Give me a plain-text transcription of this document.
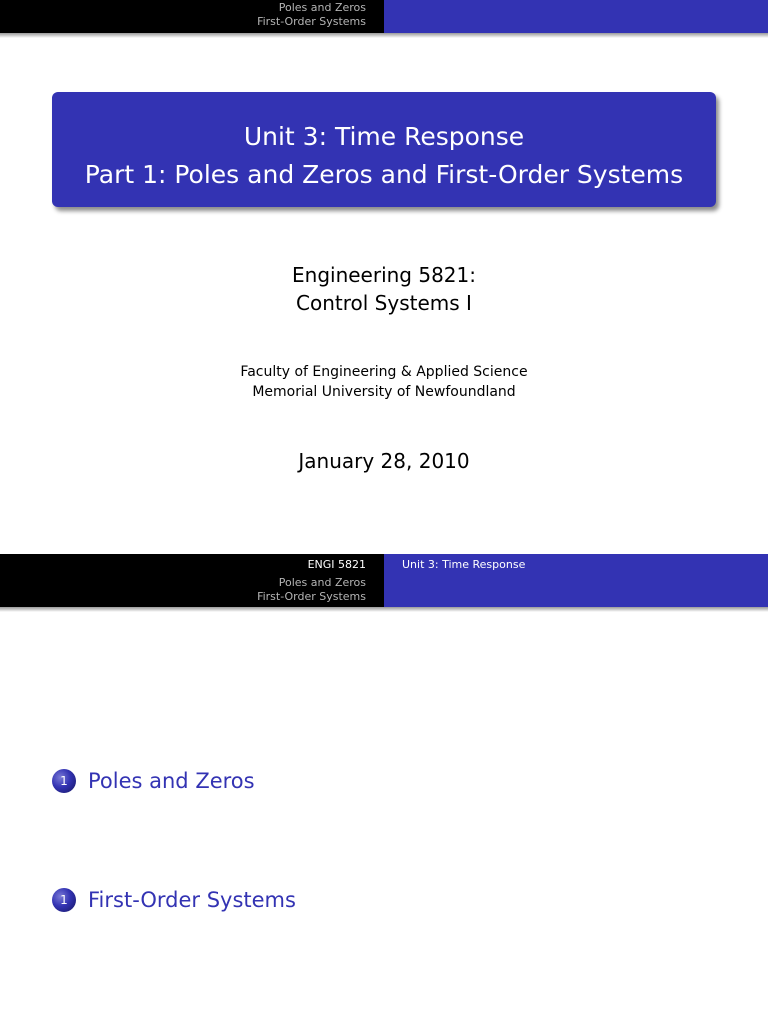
Poles and Zeros
First-Order Systems
Unit 3: Time Response
Part 1: Poles and Zeros and First-Order Systems
Engineering 5821:
Control Systems I
Faculty of Engineering & Applied Science
Memorial University of Newfoundland
January 28, 2010
ENGI 5821
Poles and Zeros
First-Order Systems
Unit 3: Time Response
1 Poles and Zeros
1 First-Order Systems
